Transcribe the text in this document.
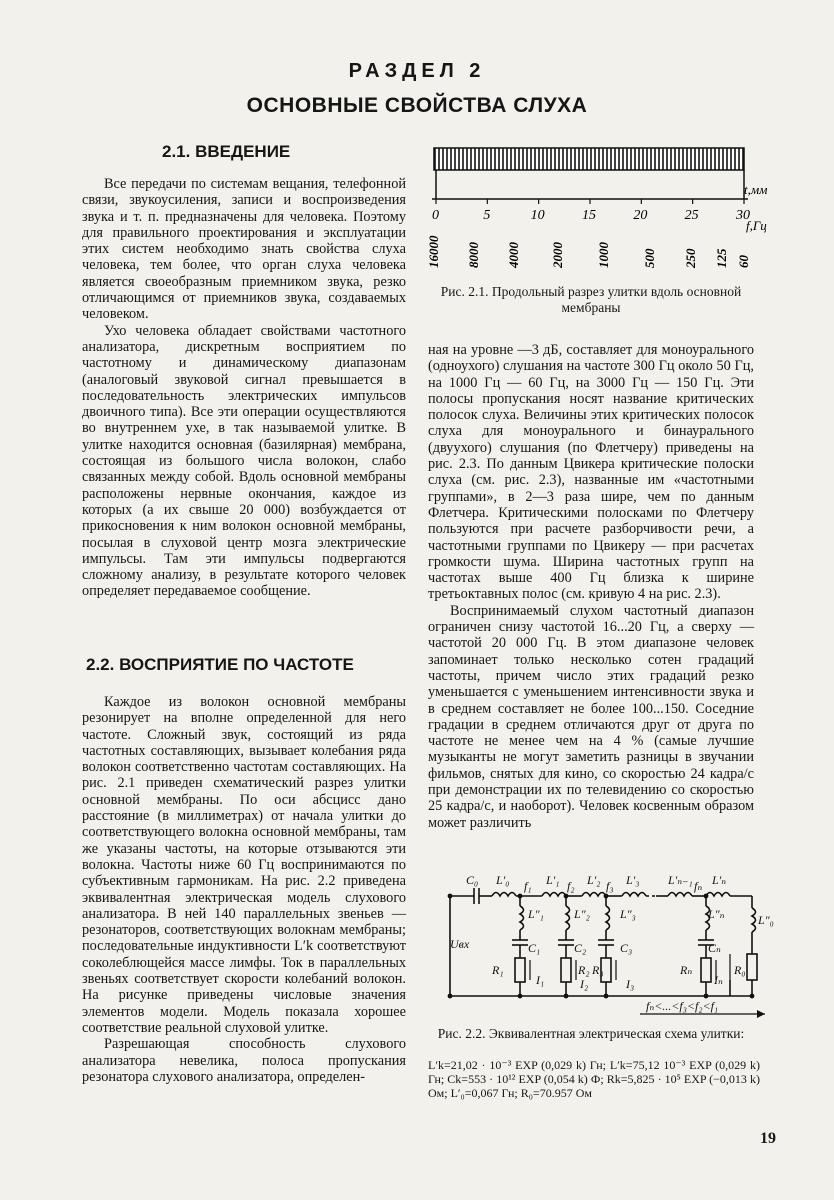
РАЗДЕЛ 2
ОСНОВНЫЕ СВОЙСТВА СЛУХА
2.1. ВВЕДЕНИЕ

Все передачи по системам вещания, телефонной связи, звукоусиления, записи и воспроизведения звука и т. п. предназначены для человека. Поэтому для правильного проектирования и эксплуатации этих систем необходимо знать свойства слуха человека, тем более, что орган слуха человека является своеобразным приемником звука, резко отличающимся от приемников звука, создаваемых человеком.

Ухо человека обладает свойствами частотного анализатора, дискретным восприятием по частотному и динамическому диапазонам (аналоговый звуковой сигнал превышается в последовательность электрических импульсов двоичного типа). Все эти операции осуществляются во внутреннем ухе, в так называемой улитке. В улитке находится основная (базилярная) мембрана, состоящая из большого числа волокон, слабо связанных между собой. Вдоль основной мембраны расположены нервные окончания, каждое из которых (а их свыше 20 000) возбуждается от прикосновения к ним волокон основной мембраны, посылая в слуховой центр мозга электрические импульсы. Там эти импульсы подвергаются сложному анализу, в результате которого человек определяет передаваемое сообщение.

2.2. ВОСПРИЯТИЕ ПО ЧАСТОТЕ

Каждое из волокон основной мембраны резонирует на вполне определенной для него частоте. Сложный звук, состоящий из ряда частотных составляющих, вызывает колебания ряда волокон соответственно частотам составляющих. На рис. 2.1 приведен схематический разрез улитки основной мембраны. По оси абсцисс дано расстояние (в миллиметрах) от начала улитки до соответствующего волокна основной мембраны, там же указаны частоты, на которые отзываются эти волокна. Частоты ниже 60 Гц воспринимаются по субъективным гармоникам. На рис. 2.2 приведена эквивалентная электрическая модель слухового анализатора. В ней 140 параллельных звеньев — резонаторов, соответствующих волокнам мембраны; последовательные индуктивности L′k соответствуют соколеблющейся массе лимфы. Ток в параллельных звеньях соответствует скорости колебаний волокон. На рисунке приведены числовые значения элементов модели. Модель показала хорошее соответствие реальной слуховой улитке.

Разрешающая способность слухового анализатора невелика, полоса пропускания резонатора слухового анализатора, определен-

t,мм
f,Гц
0	5	10	15	20	25	30
16000 8000 4000 2000 1000 500 250 125 60
Рис. 2.1. Продольный разрез улитки вдоль основной мембраны

ная на уровне —3 дБ, составляет для моноурального (одноухого) слушания на частоте 300 Гц около 50 Гц, на 1000 Гц — 60 Гц, на 3000 Гц — 150 Гц. Эти полосы пропускания носят название критических полосок слуха. Величины этих критических полосок слуха для моноурального и бинаурального (двуухого) слушания (по Флетчеру) приведены на рис. 2.3. По данным Цвикера критические полоски слуха (см. рис. 2.3), названные им «частотными группами», в 2—3 раза шире, чем по данным Флетчера. Критическими полосками по Флетчеру пользуются при расчете разборчивости речи, а частотными группами по Цвикеру — при расчетах громкости шума. Ширина частотных групп на частотах выше 400 Гц близка к ширине третьоктавных полос (см. кривую 4 на рис. 2.3).

Воспринимаемый слухом частотный диапазон ограничен снизу частотой 16...20 Гц, а сверху — частотой 20 000 Гц. В этом диапазоне человек запоминает только несколько сотен градаций частоты, причем число этих градаций резко уменьшается с уменьшением интенсивности звука и в среднем составляет не более 100...150. Соседние градации в среднем отличаются друг от друга по частоте не менее чем на 4 % (самые лучшие музыканты не могут заметить разницы в звучании фильмов, снятых для кино, со скоростью 24 кадра/с при демонстрации их по телевидению со скоростью 25 кадра/с, и наоборот). Человек косвенным образом может различить

C₀ L′₀ f₁ L′₁ f₂ L′₂ f₃ L′₃ L′ₙ₋₁ fₙ L′ₙ
L″₁	L″₂	L″₃	L″ₙ	L″₀
C₁	C₂	C₃	Cₙ
R₁	R₂ R₃	Rₙ	R₀
I₁	I₂	I₃	Iₙ
Uвх
fₙ<...<f₃<f₂<f₁
Рис. 2.2. Эквивалентная электрическая схема улитки:
L′k=21,02 · 10⁻³ EXP (0,029 k) Гн; L′k=75,12 10⁻³ EXP (0,029 k) Гн; Ck=553 · 10¹² EXP (0,054 k) Ф; Rk=5,825 · 10⁵ EXP (−0,013 k) Ом; L′₀=0,067 Гн; R₀=70.957 Ом
19
